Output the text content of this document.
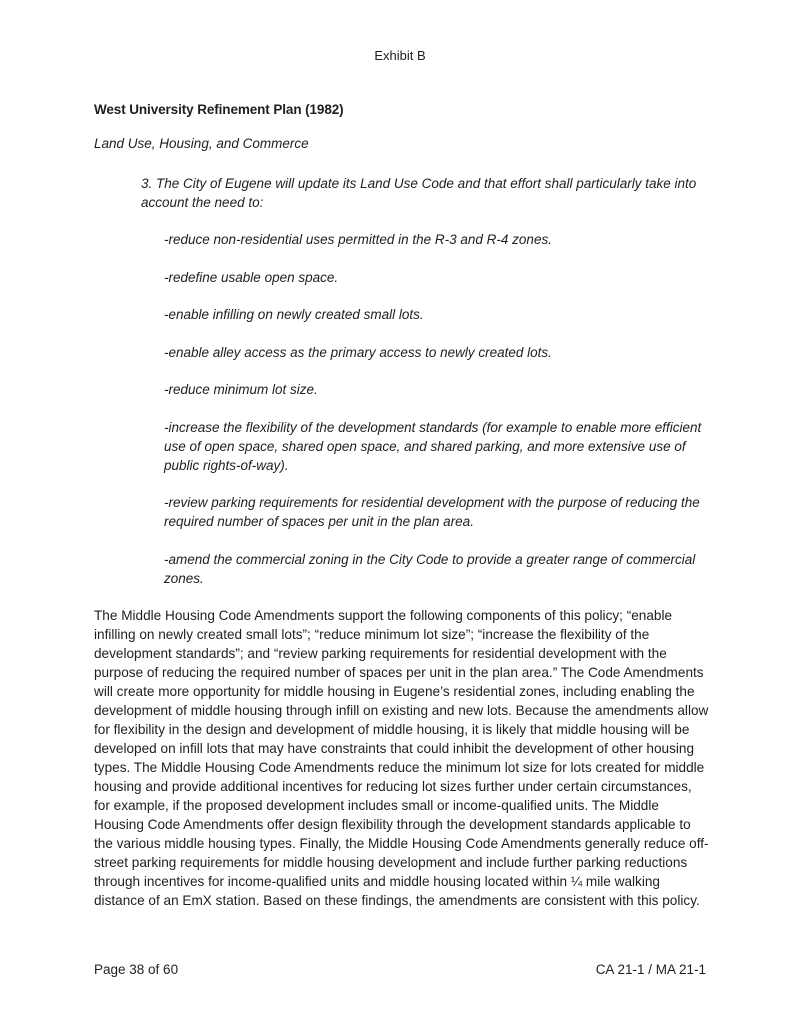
Exhibit B
West University Refinement Plan (1982)
Land Use, Housing, and Commerce

3. The City of Eugene will update its Land Use Code and that effort shall particularly take into account the need to:

-reduce non-residential uses permitted in the R-3 and R-4 zones.
-redefine usable open space.
-enable infilling on newly created small lots.
-enable alley access as the primary access to newly created lots.
-reduce minimum lot size.
-increase the flexibility of the development standards (for example to enable more efficient use of open space, shared open space, and shared parking, and more extensive use of public rights-of-way).
-review parking requirements for residential development with the purpose of reducing the required number of spaces per unit in the plan area.
-amend the commercial zoning in the City Code to provide a greater range of commercial zones.

The Middle Housing Code Amendments support the following components of this policy; “enable infilling on newly created small lots”; “reduce minimum lot size”; “increase the flexibility of the development standards”; and “review parking requirements for residential development with the purpose of reducing the required number of spaces per unit in the plan area.” The Code Amendments will create more opportunity for middle housing in Eugene’s residential zones, including enabling the development of middle housing through infill on existing and new lots. Because the amendments allow for flexibility in the design and development of middle housing, it is likely that middle housing will be developed on infill lots that may have constraints that could inhibit the development of other housing types. The Middle Housing Code Amendments reduce the minimum lot size for lots created for middle housing and provide additional incentives for reducing lot sizes further under certain circumstances, for example, if the proposed development includes small or income-qualified units. The Middle Housing Code Amendments offer design flexibility through the development standards applicable to the various middle housing types. Finally, the Middle Housing Code Amendments generally reduce off-street parking requirements for middle housing development and include further parking reductions through incentives for income-qualified units and middle housing located within ¼ mile walking distance of an EmX station. Based on these findings, the amendments are consistent with this policy.

Page 38 of 60	CA 21-1 / MA 21-1
